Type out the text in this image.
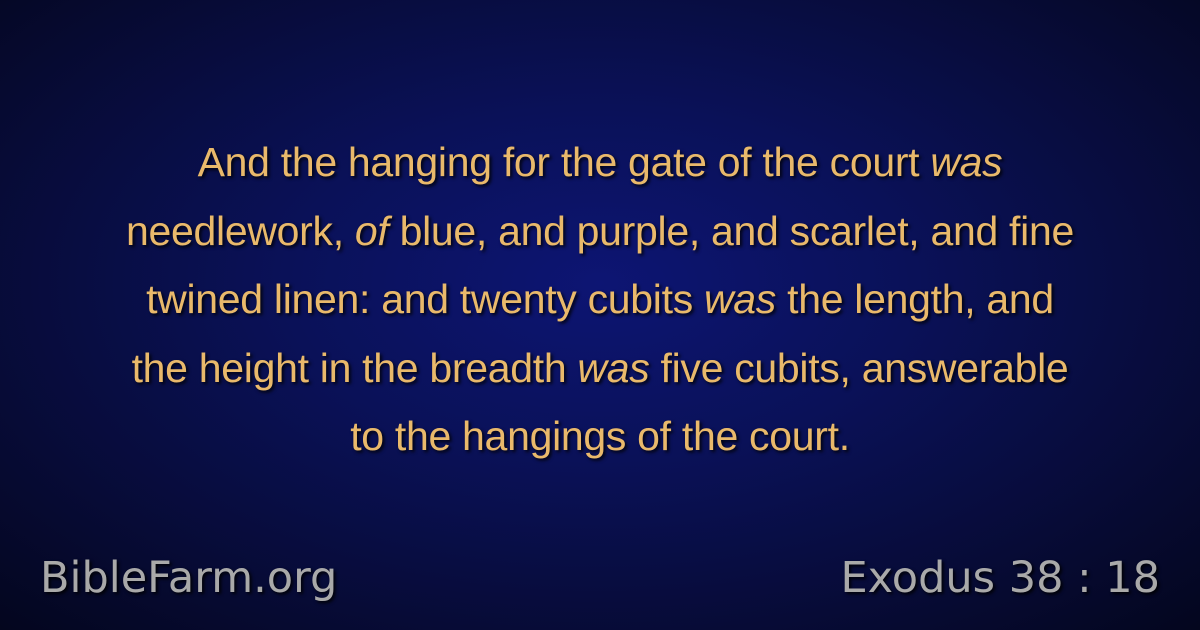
And the hanging for the gate of the court was
needlework, of blue, and purple, and scarlet, and fine
twined linen: and twenty cubits was the length, and
the height in the breadth was five cubits, answerable
to the hangings of the court.
BibleFarm.org	Exodus 38 : 18
